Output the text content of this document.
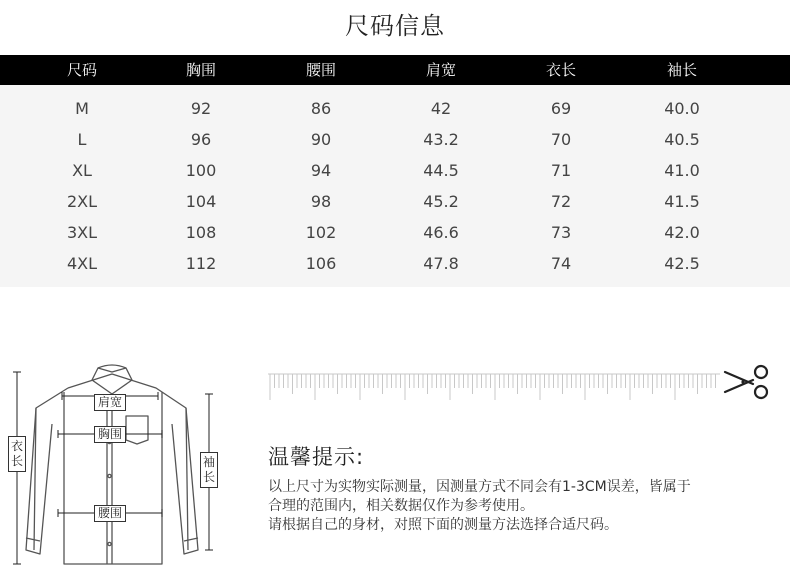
尺码信息
尺码	胸围	腰围	肩宽	衣长	袖长
M	92	86	42	69	40.0
L	96	90	43.2	70	40.5
XL	100	94	44.5	71	41.0
2XL	104	98	45.2	72	41.5
3XL	108	102	46.6	73	42.0
4XL	112	106	47.8	74	42.5
肩宽
胸围
腰围
衣长	袖长
温馨提示:

以上尺寸为实物实际测量，因测量方式不同会有1-3CM误差，皆属于

合理的范围内，相关数据仅作为参考使用。

请根据自己的身材，对照下面的测量方法选择合适尺码。
